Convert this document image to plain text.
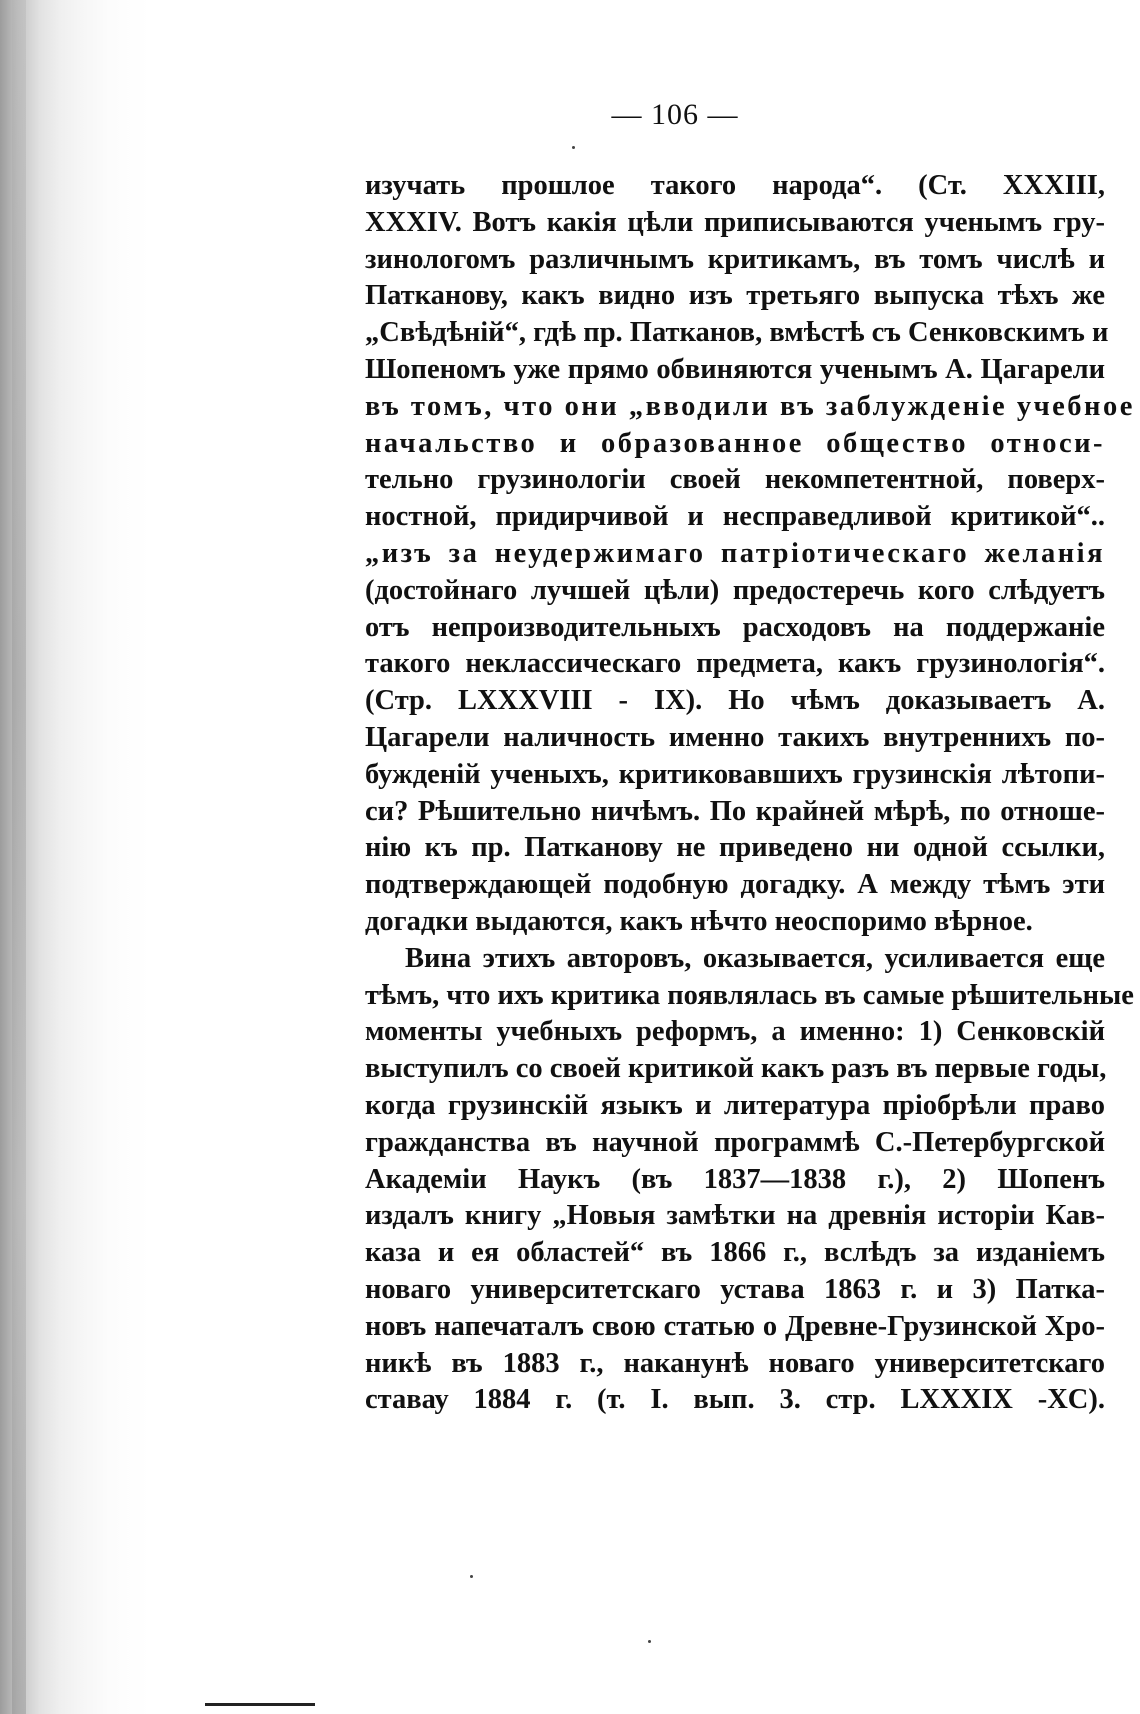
— 106 —
изучать прошлое такого народа“. (Ст. XXXIII,
XXXIV. Вотъ какія цѣли приписываются ученымъ гру-
зинологомъ различнымъ критикамъ, въ томъ числѣ и
Патканову, какъ видно изъ третьяго выпуска тѣхъ же
„Свѣдѣній“, гдѣ пр. Патканов, вмѣстѣ съ Сенковскимъ и
Шопеномъ уже прямо обвиняются ученымъ А. Цагарели
въ томъ, что они „вводили въ заблужденіе учебное
начальство и образованное общество относи-
тельно грузинологіи своей некомпетентной, поверх-
ностной, придирчивой и несправедливой критикой“..
„изъ за неудержимаго патріотическаго желанія
(достойнаго лучшей цѣли) предостеречь кого слѣдуетъ
отъ непроизводительныхъ расходовъ на поддержаніе
такого неклассическаго предмета, какъ грузинологія“.
(Стр. LXXXVIII - IX). Но чѣмъ доказываетъ А.
Цагарели наличность именно такихъ внутреннихъ по-
бужденій ученыхъ, критиковавшихъ грузинскія лѣтопи-
си? Рѣшительно ничѣмъ. По крайней мѣрѣ, по отноше-
нію къ пр. Патканову не приведено ни одной ссылки,
подтверждающей подобную догадку. А между тѣмъ эти
догадки выдаются, какъ нѣчто неоспоримо вѣрное.
Вина этихъ авторовъ, оказывается, усиливается еще
тѣмъ, что ихъ критика появлялась въ самые рѣшительные
моменты учебныхъ реформъ, а именно: 1) Сенковскій
выступилъ со своей критикой какъ разъ въ первые годы,
когда грузинскій языкъ и литература пріобрѣли право
гражданства въ научной программѣ С.-Петербургской
Академіи Наукъ (въ 1837—1838 г.), 2) Шопенъ
издалъ книгу „Новыя замѣтки на древнія исторіи Кав-
каза и ея областей“ въ 1866 г., вслѣдъ за изданіемъ
новаго университетскаго устава 1863 г. и 3) Патка-
новъ напечаталъ свою статью о Древне-Грузинской Хро-
никѣ въ 1883 г., наканунѣ новаго университетскаго
ставау 1884 г. (т. I. вып. 3. стр. LXXXIX -XC).
